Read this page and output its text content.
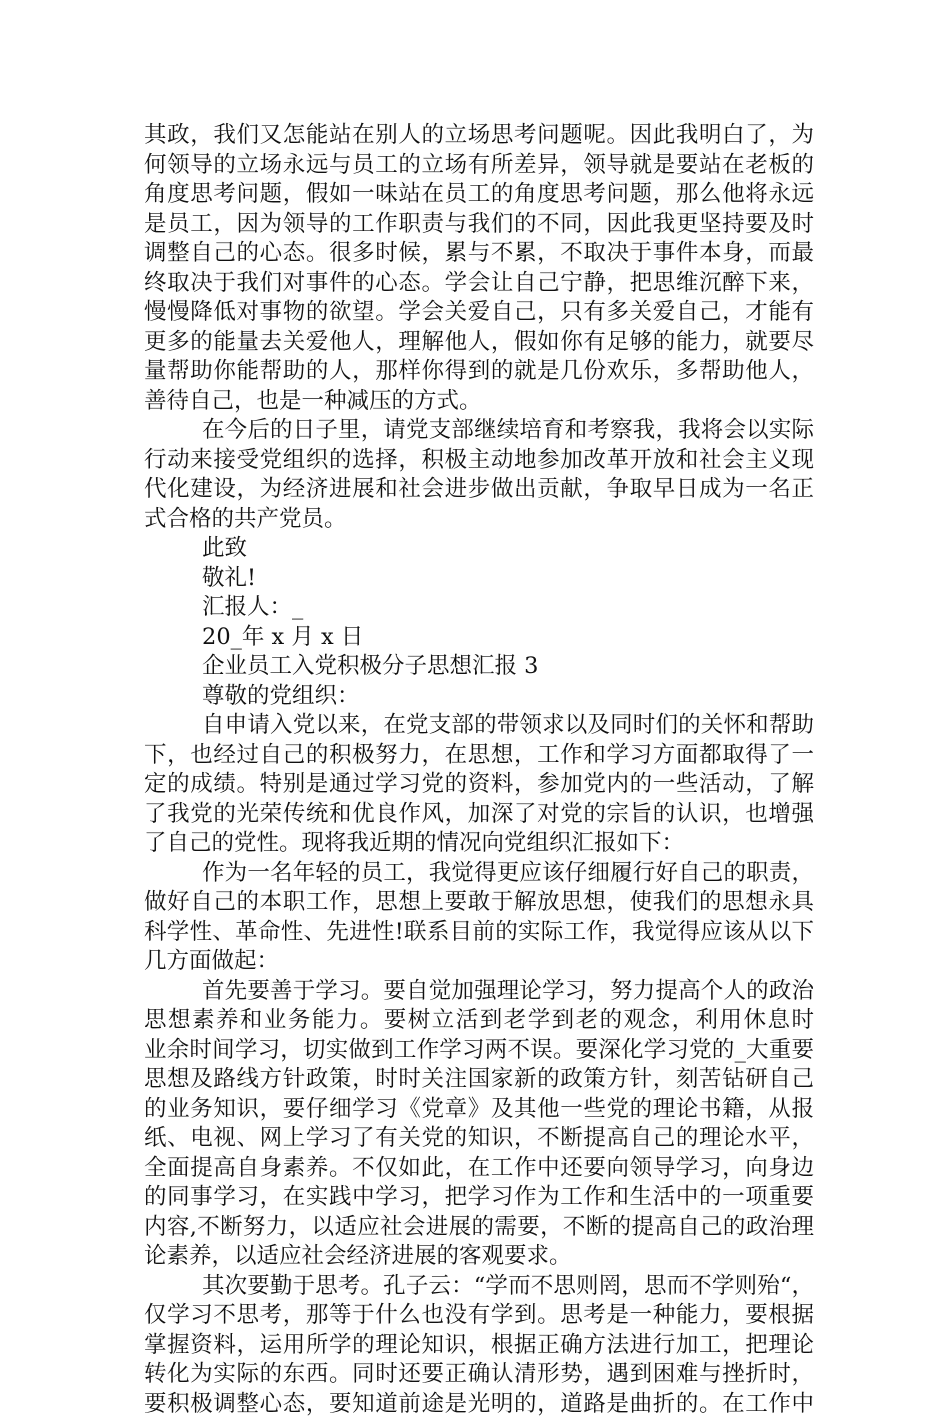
其政，我们又怎能站在别人的立场思考问题呢。因此我明白了，为
何领导的立场永远与员工的立场有所差异，领导就是要站在老板的
角度思考问题，假如一味站在员工的角度思考问题，那么他将永远
是员工，因为领导的工作职责与我们的不同，因此我更坚持要及时
调整自己的心态。很多时候，累与不累，不取决于事件本身，而最
终取决于我们对事件的心态。学会让自己宁静，把思维沉醉下来，
慢慢降低对事物的欲望。学会关爱自己，只有多关爱自己，才能有
更多的能量去关爱他人，理解他人，假如你有足够的能力，就要尽
量帮助你能帮助的人，那样你得到的就是几份欢乐，多帮助他人，
善待自己，也是一种减压的方式。
在今后的日子里，请党支部继续培育和考察我，我将会以实际
行动来接受党组织的选择，积极主动地参加改革开放和社会主义现
代化建设，为经济进展和社会进步做出贡献，争取早日成为一名正
式合格的共产党员。
此致
敬礼!
汇报人：_
20_年 x 月 x 日
企业员工入党积极分子思想汇报 3
尊敬的党组织：
自申请入党以来，在党支部的带领求以及同时们的关怀和帮助
下，也经过自己的积极努力，在思想，工作和学习方面都取得了一
定的成绩。特别是通过学习党的资料，参加党内的一些活动，了解
了我党的光荣传统和优良作风，加深了对党的宗旨的认识，也增强
了自己的党性。现将我近期的情况向党组织汇报如下：
作为一名年轻的员工，我觉得更应该仔细履行好自己的职责，
做好自己的本职工作，思想上要敢于解放思想，使我们的思想永具
科学性、革命性、先进性!联系目前的实际工作，我觉得应该从以下
几方面做起：
首先要善于学习。要自觉加强理论学习，努力提高个人的政治
思想素养和业务能力。要树立活到老学到老的观念，利用休息时
业余时间学习，切实做到工作学习两不误。要深化学习党的_大重要
思想及路线方针政策，时时关注国家新的政策方针，刻苦钻研自己
的业务知识，要仔细学习《党章》及其他一些党的理论书籍，从报
纸、电视、网上学习了有关党的知识，不断提高自己的理论水平，
全面提高自身素养。不仅如此，在工作中还要向领导学习，向身边
的同事学习，在实践中学习，把学习作为工作和生活中的一项重要
内容,不断努力，以适应社会进展的需要，不断的提高自己的政治理
论素养，以适应社会经济进展的客观要求。
其次要勤于思考。孔子云：“学而不思则罔，思而不学则殆“，
仅学习不思考，那等于什么也没有学到。思考是一种能力，要根据
掌握资料，运用所学的理论知识，根据正确方法进行加工，把理论
转化为实际的东西。同时还要正确认清形势，遇到困难与挫折时，
要积极调整心态，要知道前途是光明的，道路是曲折的。在工作中
